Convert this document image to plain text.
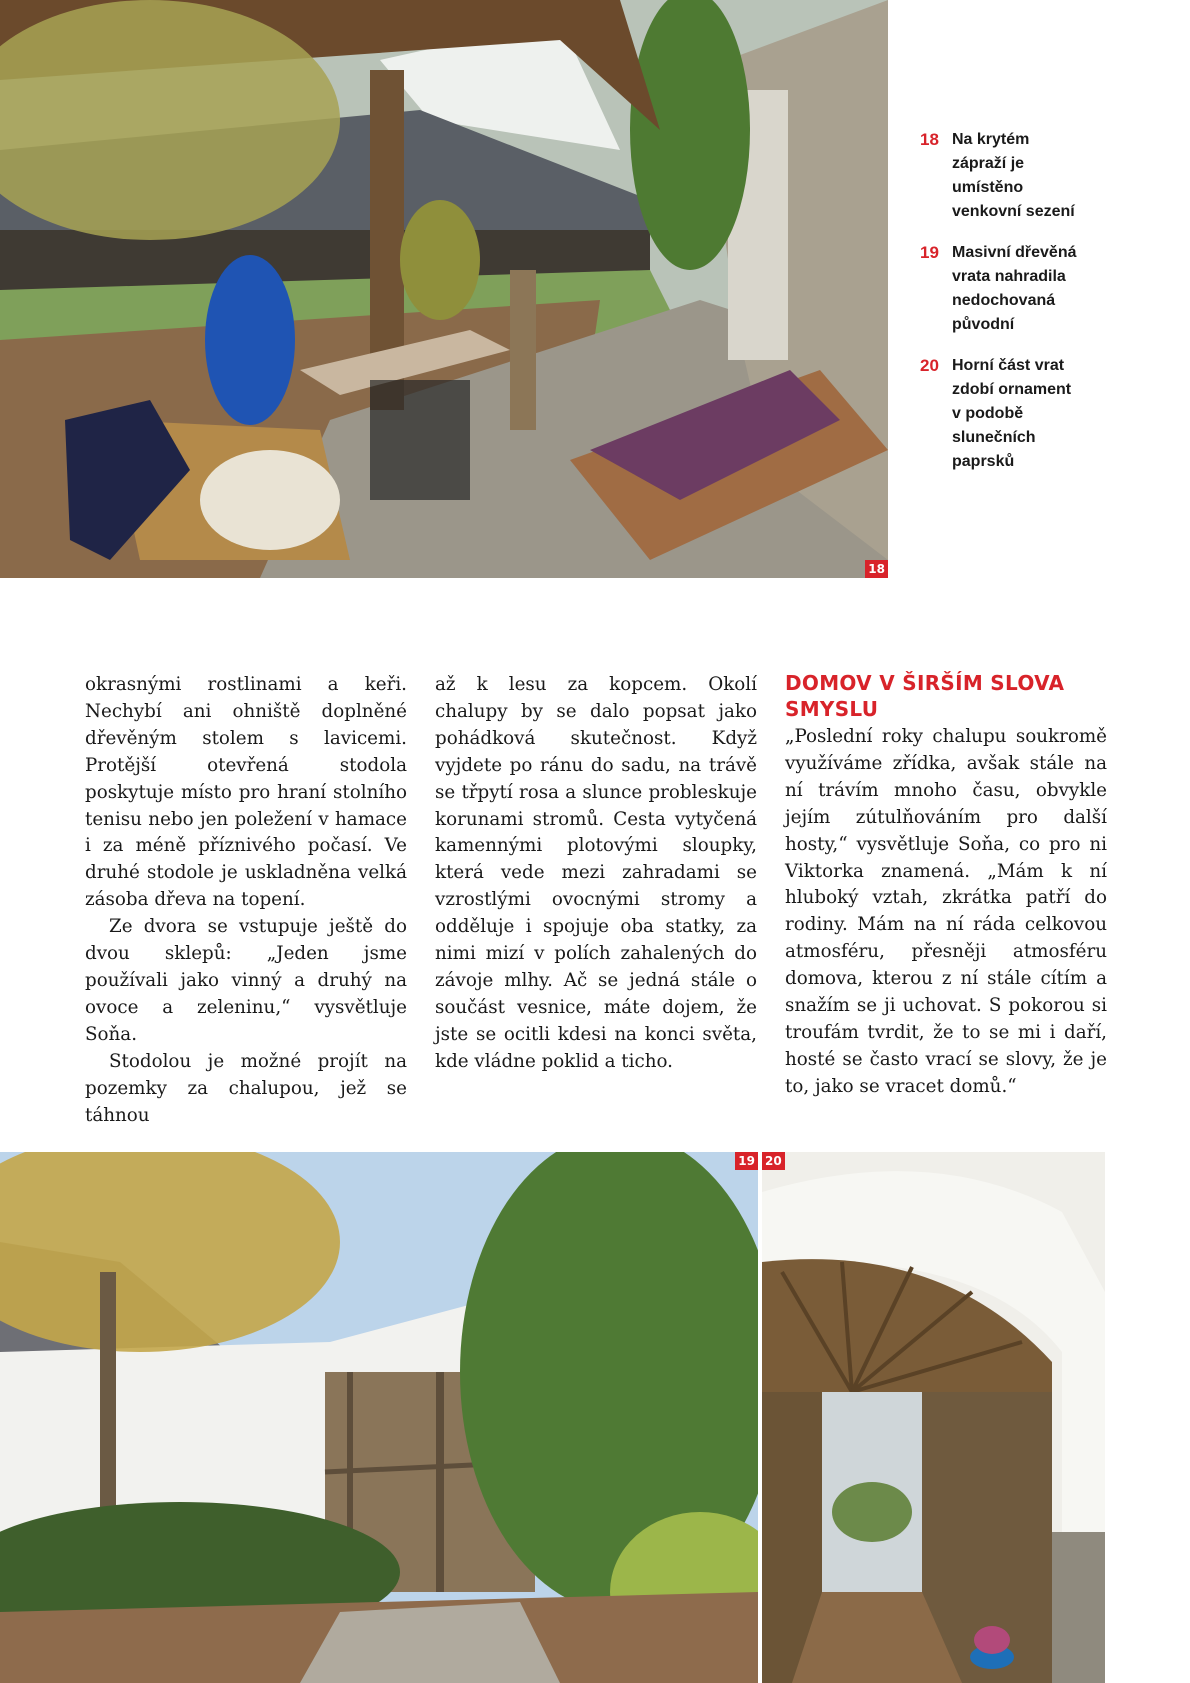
18
18 Na krytém zápraží je umístěno venkovní sezení
19 Masivní dřevěná vrata nahradila nedochovaná původní
20 Horní část vrat zdobí ornament v podobě slunečních paprsků

okrasnými rostlinami a keři. Nechybí ani ohniště doplněné dřevěným stolem s lavicemi. Protější otevřená stodola poskytuje místo pro hraní stolního tenisu nebo jen poležení v hamace i za méně příznivého počasí. Ve druhé stodole je uskladněna velká zásoba dřeva na topení.

Ze dvora se vstupuje ještě do dvou sklepů: „Jeden jsme používali jako vinný a druhý na ovoce a zeleninu,“ vysvětluje Soňa.

Stodolou je možné projít na pozemky za chalupou, jež se táhnou

až k lesu za kopcem. Okolí chalupy by se dalo popsat jako pohádková skutečnost. Když vyjdete po ránu do sadu, na trávě se třpytí rosa a slunce probleskuje korunami stromů. Cesta vytyčená kamennými plotovými sloupky, která vede mezi zahradami se vzrostlými ovocnými stromy a odděluje i spojuje oba statky, za nimi mizí v polích zahalených do závoje mlhy. Ač se jedná stále o součást vesnice, máte dojem, že jste se ocitli kdesi na konci světa, kde vládne poklid a ticho.

DOMOV V ŠIRŠÍM SLOVA SMYSLU

„Poslední roky chalupu soukromě využíváme zřídka, avšak stále na ní trávím mnoho času, obvykle jejím zútulňováním pro další hosty,“ vysvětluje Soňa, co pro ni Viktorka znamená. „Mám k ní hluboký vztah, zkrátka patří do rodiny. Mám na ní ráda celkovou atmosféru, přesněji atmosféru domova, kterou z ní stále cítím a snažím se ji uchovat. S pokorou si troufám tvrdit, že to se mi i daří, hosté se často vrací se slovy, že je to, jako se vracet domů.“

19 20
